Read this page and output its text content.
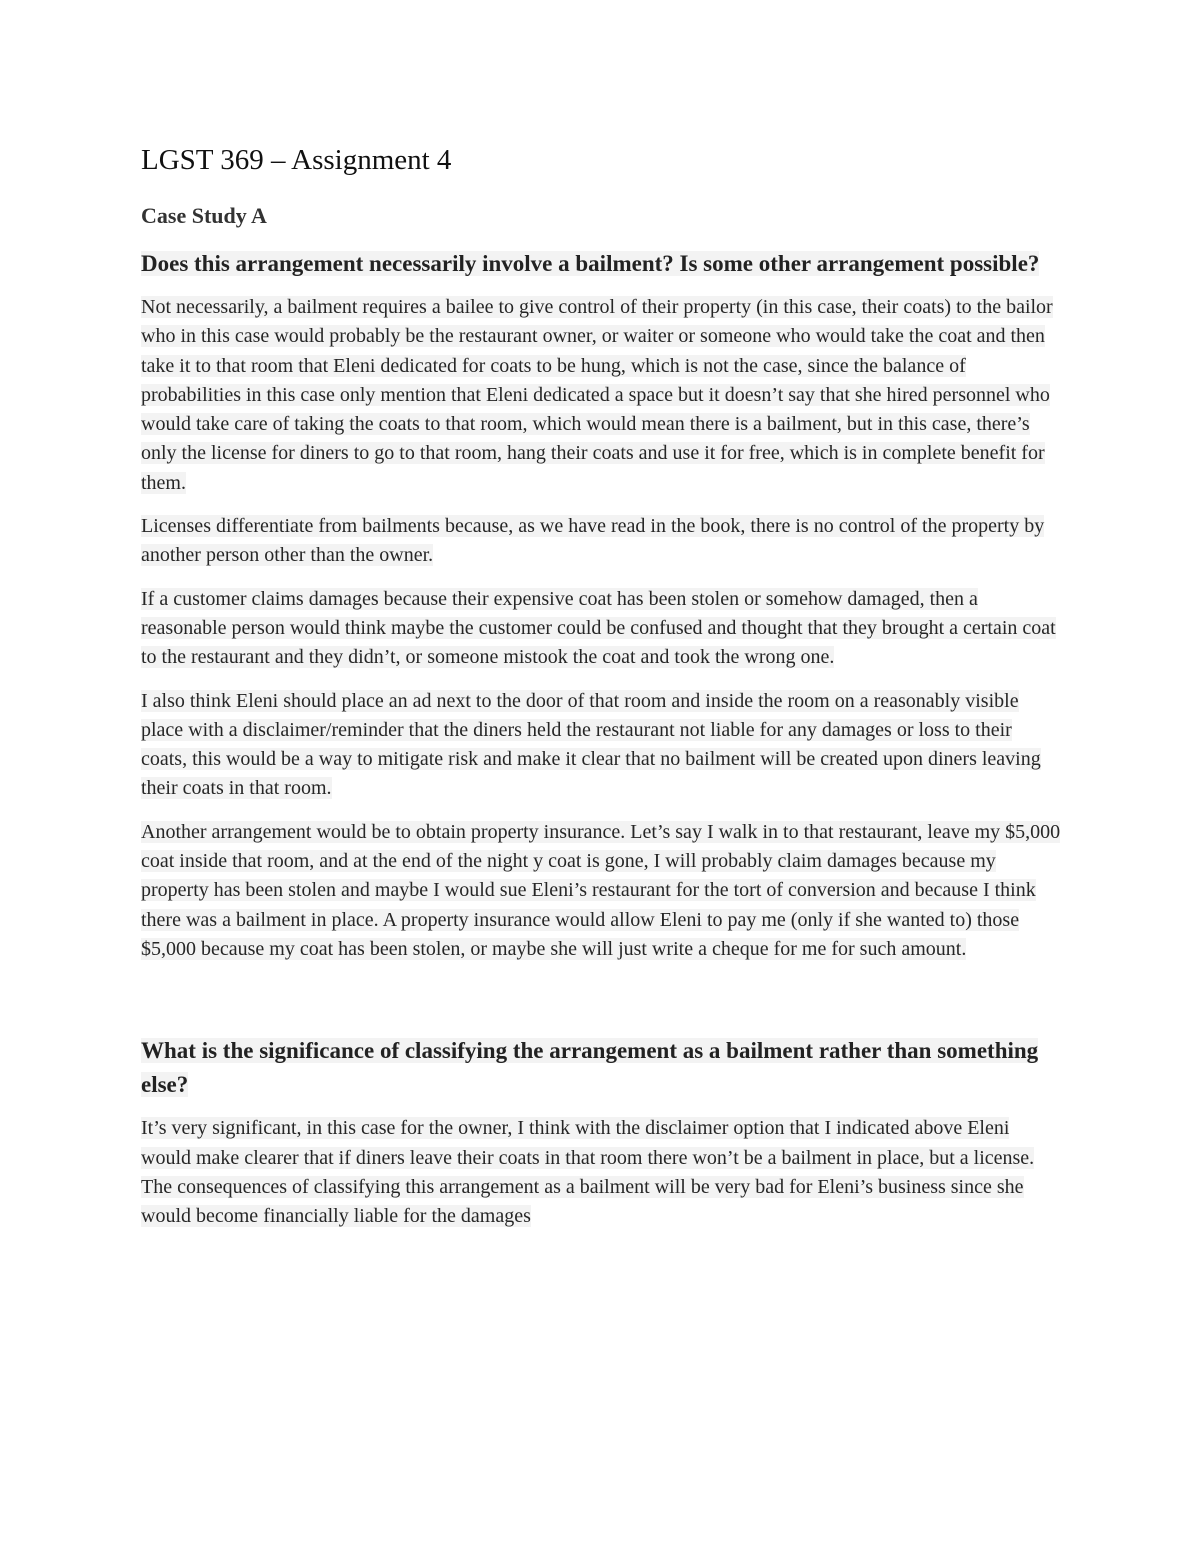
LGST 369 – Assignment 4
Case Study A
Does this arrangement necessarily involve a bailment? Is some other arrangement possible?

Not necessarily, a bailment requires a bailee to give control of their property (in this case, their coats) to the bailor who in this case would probably be the restaurant owner, or waiter or someone who would take the coat and then take it to that room that Eleni dedicated for coats to be hung, which is not the case, since the balance of probabilities in this case only mention that Eleni dedicated a space but it doesn’t say that she hired personnel who would take care of taking the coats to that room, which would mean there is a bailment, but in this case, there’s only the license for diners to go to that room, hang their coats and use it for free, which is in complete benefit for them.

Licenses differentiate from bailments because, as we have read in the book, there is no control of the property by another person other than the owner.

If a customer claims damages because their expensive coat has been stolen or somehow damaged, then a reasonable person would think maybe the customer could be confused and thought that they brought a certain coat to the restaurant and they didn’t, or someone mistook the coat and took the wrong one.

I also think Eleni should place an ad next to the door of that room and inside the room on a reasonably visible place with a disclaimer/reminder that the diners held the restaurant not liable for any damages or loss to their coats, this would be a way to mitigate risk and make it clear that no bailment will be created upon diners leaving their coats in that room.

Another arrangement would be to obtain property insurance. Let’s say I walk in to that restaurant, leave my $5,000 coat inside that room, and at the end of the night y coat is gone, I will probably claim damages because my property has been stolen and maybe I would sue Eleni’s restaurant for the tort of conversion and because I think there was a bailment in place. A property insurance would allow Eleni to pay me (only if she wanted to) those $5,000 because my coat has been stolen, or maybe she will just write a cheque for me for such amount.

What is the significance of classifying the arrangement as a bailment rather than something else?

It’s very significant, in this case for the owner, I think with the disclaimer option that I indicated above Eleni would make clearer that if diners leave their coats in that room there won’t be a bailment in place, but a license. The consequences of classifying this arrangement as a bailment will be very bad for Eleni’s business since she would become financially liable for the damages
